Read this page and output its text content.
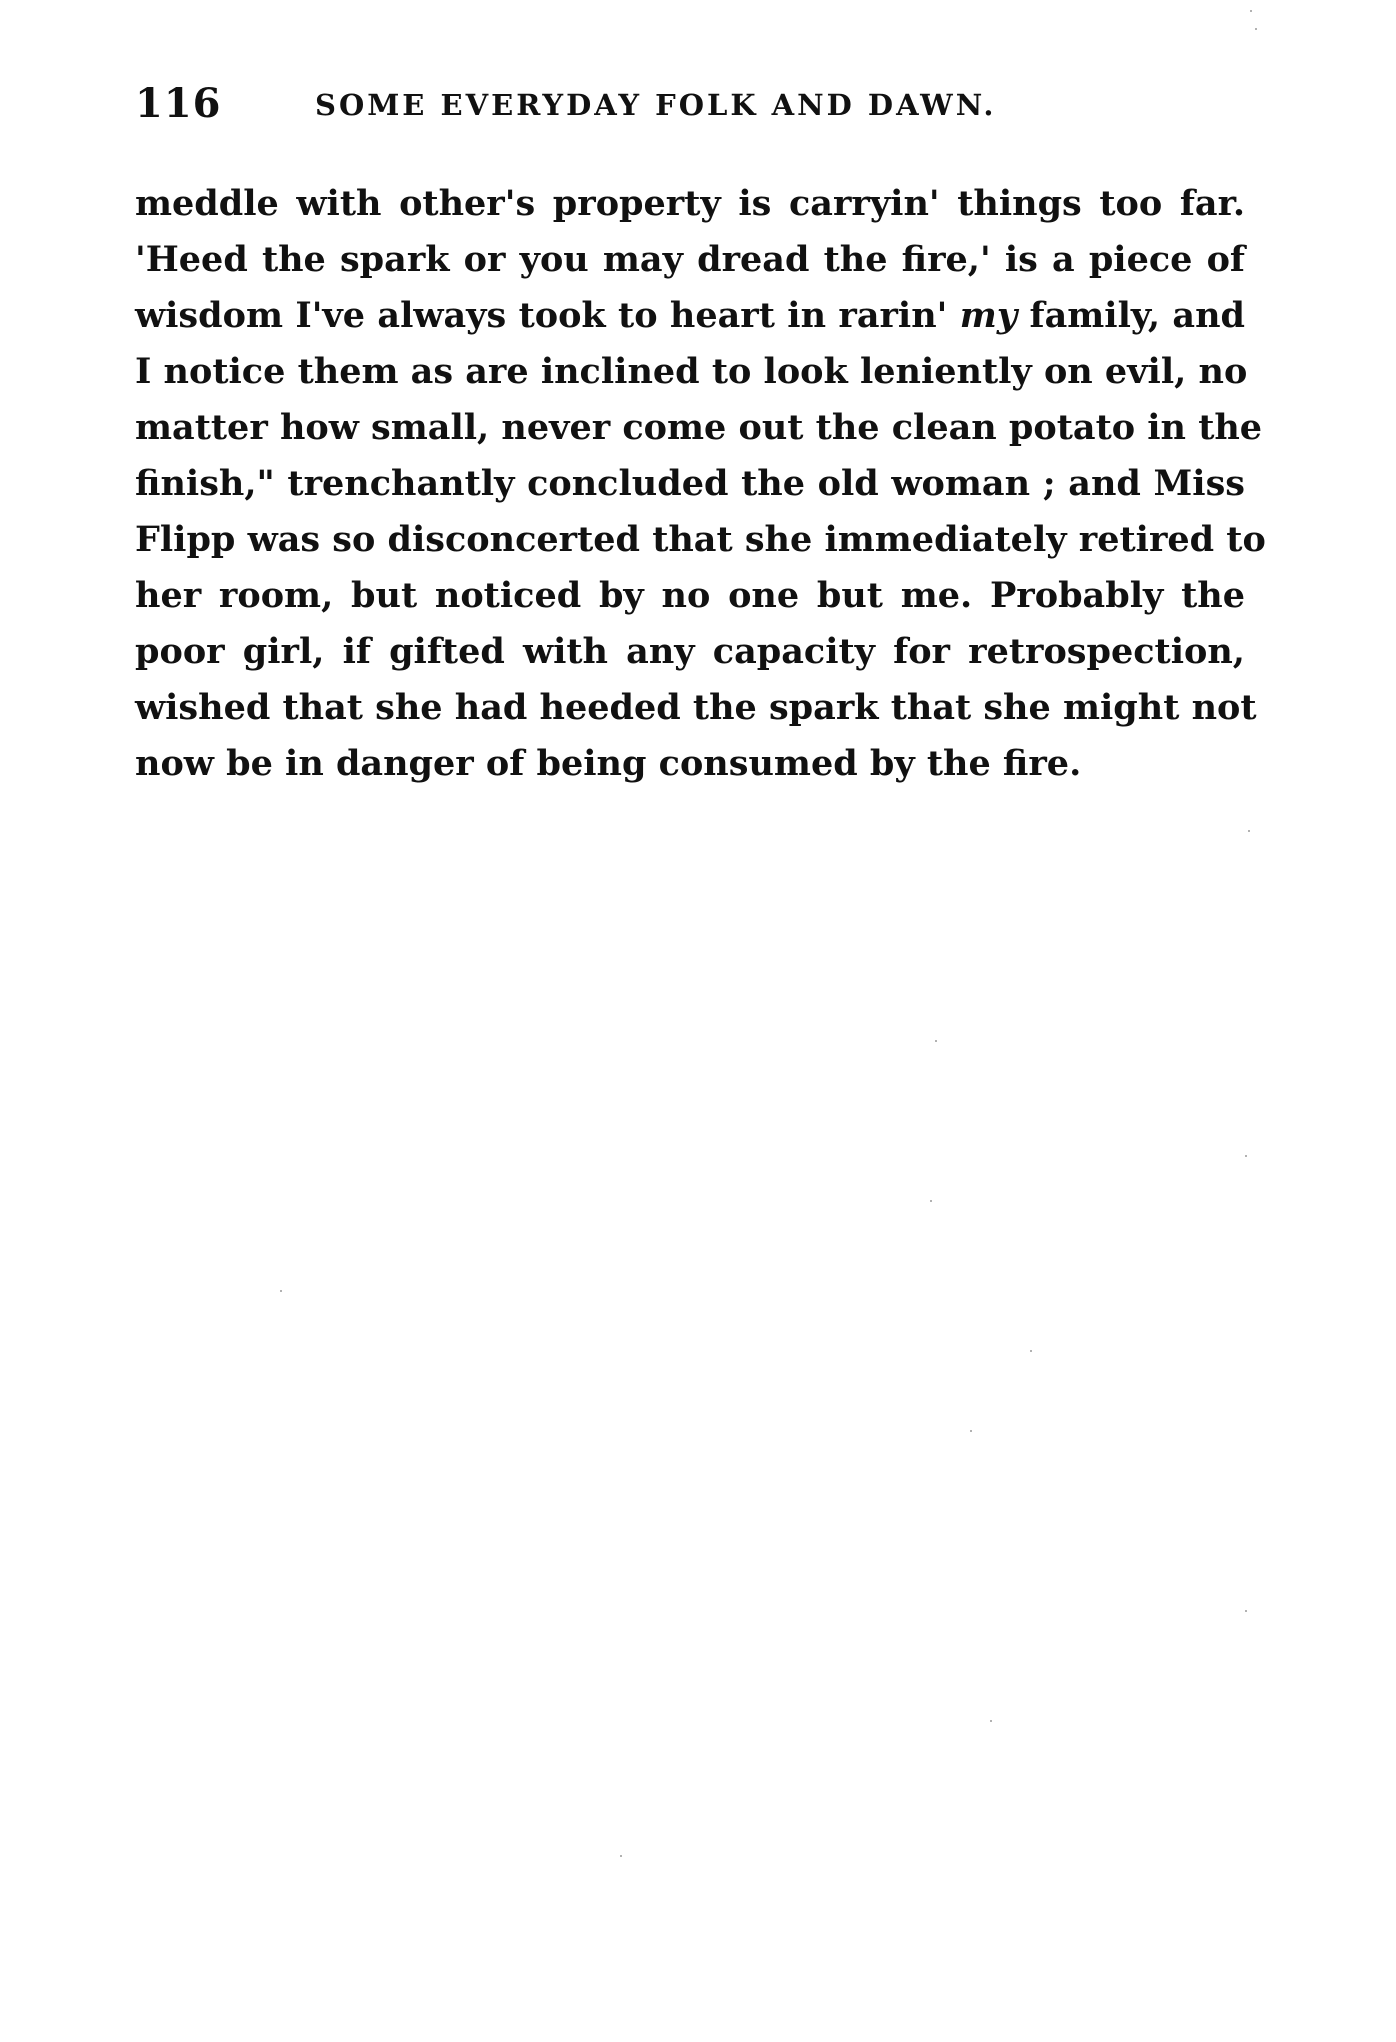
116	SOME EVERYDAY FOLK AND DAWN.
meddle with other's property is carryin' things too far.
'Heed the spark or you may dread the fire,' is a piece of
wisdom I've always took to heart in rarin' my family, and
I notice them as are inclined to look leniently on evil, no
matter how small, never come out the clean potato in the
finish," trenchantly concluded the old woman ; and Miss
Flipp was so disconcerted that she immediately retired to
her room, but noticed by no one but me. Probably the
poor girl, if gifted with any capacity for retrospection,
wished that she had heeded the spark that she might not
now be in danger of being consumed by the fire.
